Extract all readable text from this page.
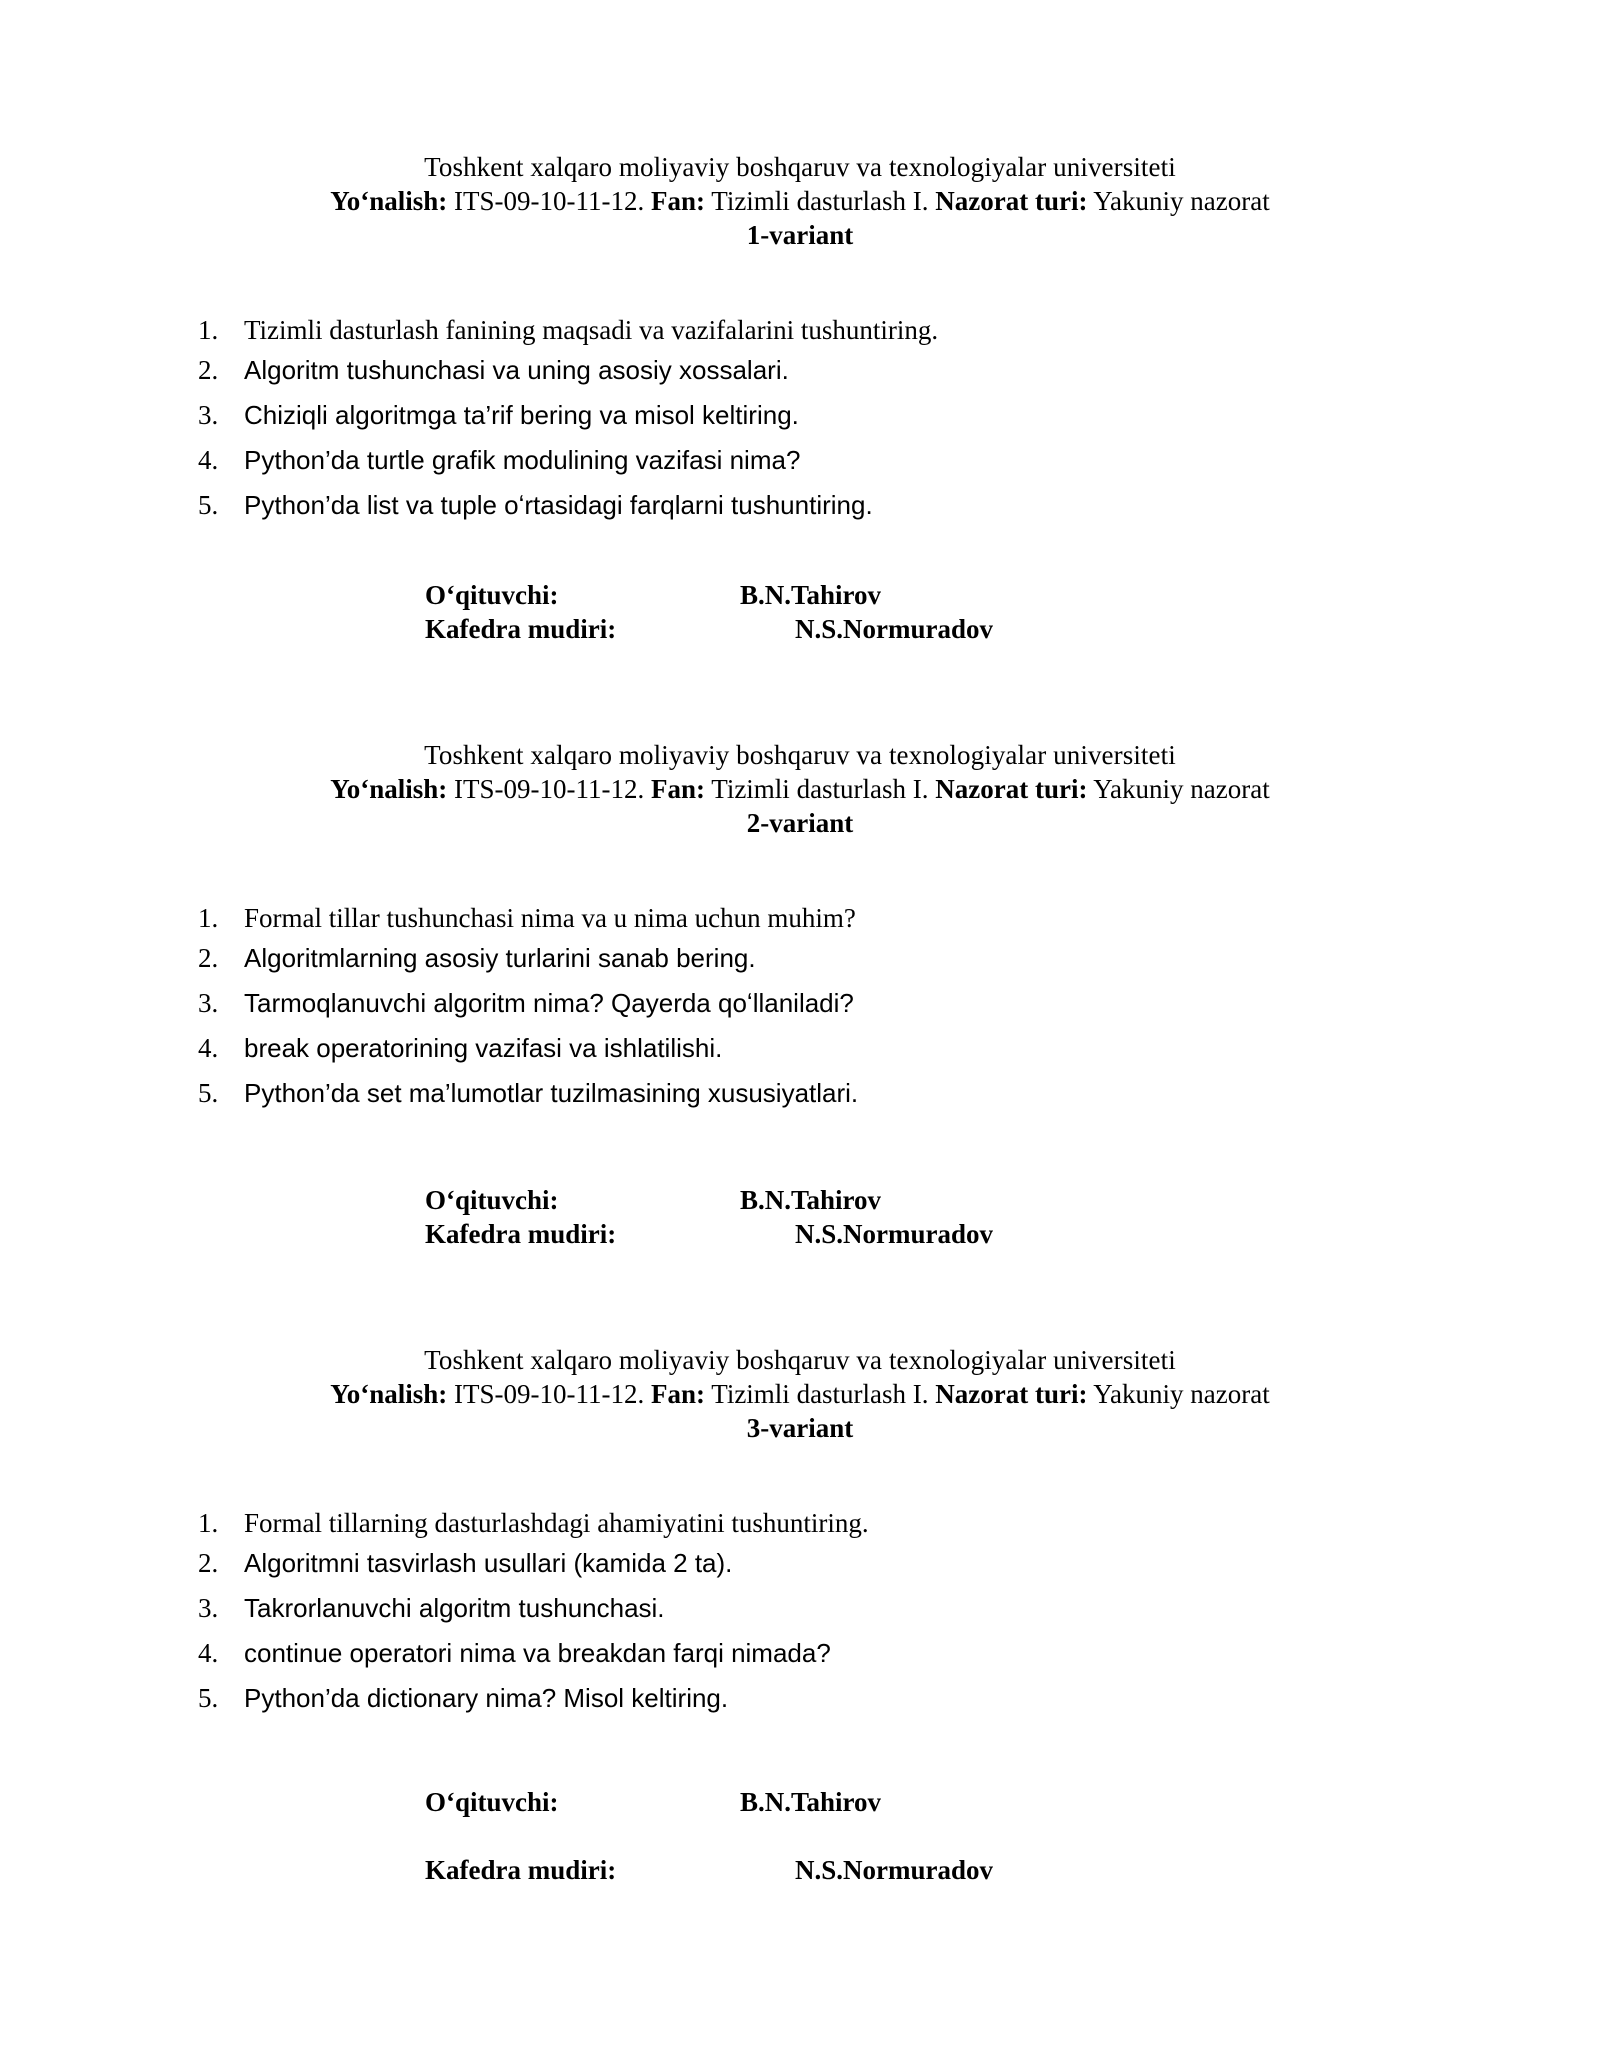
Toshkent xalqaro moliyaviy boshqaruv va texnologiyalar universiteti
Yoʻnalish: ITS-09-10-11-12. Fan: Tizimli dasturlash I. Nazorat turi: Yakuniy nazorat
1-variant
1. Tizimli dasturlash fanining maqsadi va vazifalarini tushuntiring.
2. Algoritm tushunchasi va uning asosiy xossalari.
3. Chiziqli algoritmga ta’rif bering va misol keltiring.
4. Python’da turtle grafik modulining vazifasi nima?
5. Python’da list va tuple oʻrtasidagi farqlarni tushuntiring.
Oʻqituvchi:	B.N.Tahirov
Kafedra mudiri:	N.S.Normuradov
Toshkent xalqaro moliyaviy boshqaruv va texnologiyalar universiteti
Yoʻnalish: ITS-09-10-11-12. Fan: Tizimli dasturlash I. Nazorat turi: Yakuniy nazorat
2-variant
1. Formal tillar tushunchasi nima va u nima uchun muhim?
2. Algoritmlarning asosiy turlarini sanab bering.
3. Tarmoqlanuvchi algoritm nima? Qayerda qoʻllaniladi?
4. break operatorining vazifasi va ishlatilishi.
5. Python’da set ma’lumotlar tuzilmasining xususiyatlari.
Oʻqituvchi:	B.N.Tahirov
Kafedra mudiri:	N.S.Normuradov
Toshkent xalqaro moliyaviy boshqaruv va texnologiyalar universiteti
Yoʻnalish: ITS-09-10-11-12. Fan: Tizimli dasturlash I. Nazorat turi: Yakuniy nazorat
3-variant
1. Formal tillarning dasturlashdagi ahamiyatini tushuntiring.
2. Algoritmni tasvirlash usullari (kamida 2 ta).
3. Takrorlanuvchi algoritm tushunchasi.
4. continue operatori nima va breakdan farqi nimada?
5. Python’da dictionary nima? Misol keltiring.
Oʻqituvchi:	B.N.Tahirov
Kafedra mudiri:	N.S.Normuradov
